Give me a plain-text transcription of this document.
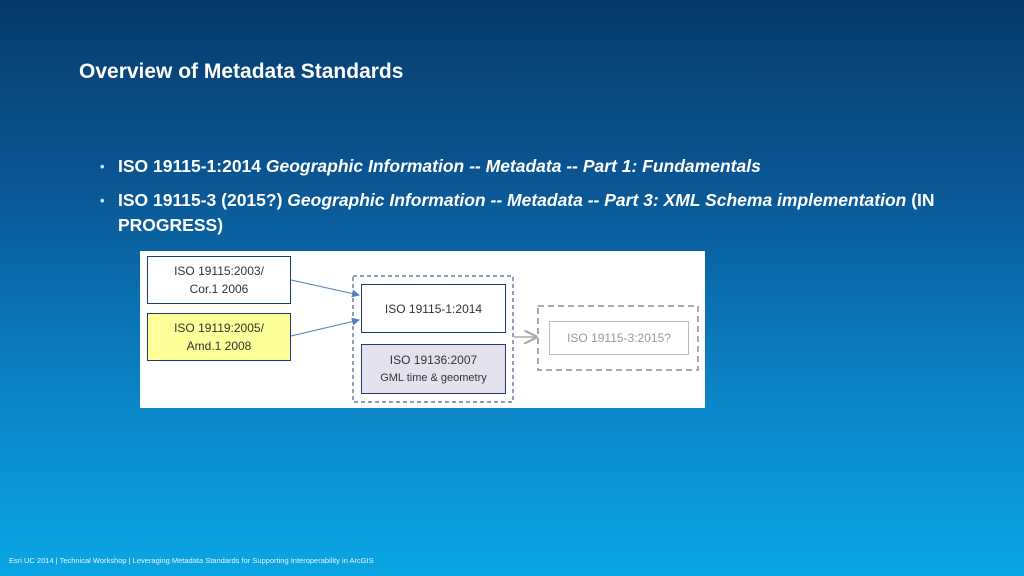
Overview of Metadata Standards
• ISO 19115-1:2014 Geographic Information -- Metadata -- Part 1: Fundamentals
• ISO 19115-3 (2015?) Geographic Information -- Metadata -- Part 3: XML Schema implementation (IN PROGRESS)
ISO 19115:2003/
Cor.1 2006
ISO 19119:2005/
Amd.1 2008
ISO 19115-1:2014
ISO 19136:2007
GML time & geometry
ISO 19115-3:2015?
Esri UC 2014 | Technical Workshop | Leveraging Metadata Standards for Supporting Interoperability in ArcGIS
